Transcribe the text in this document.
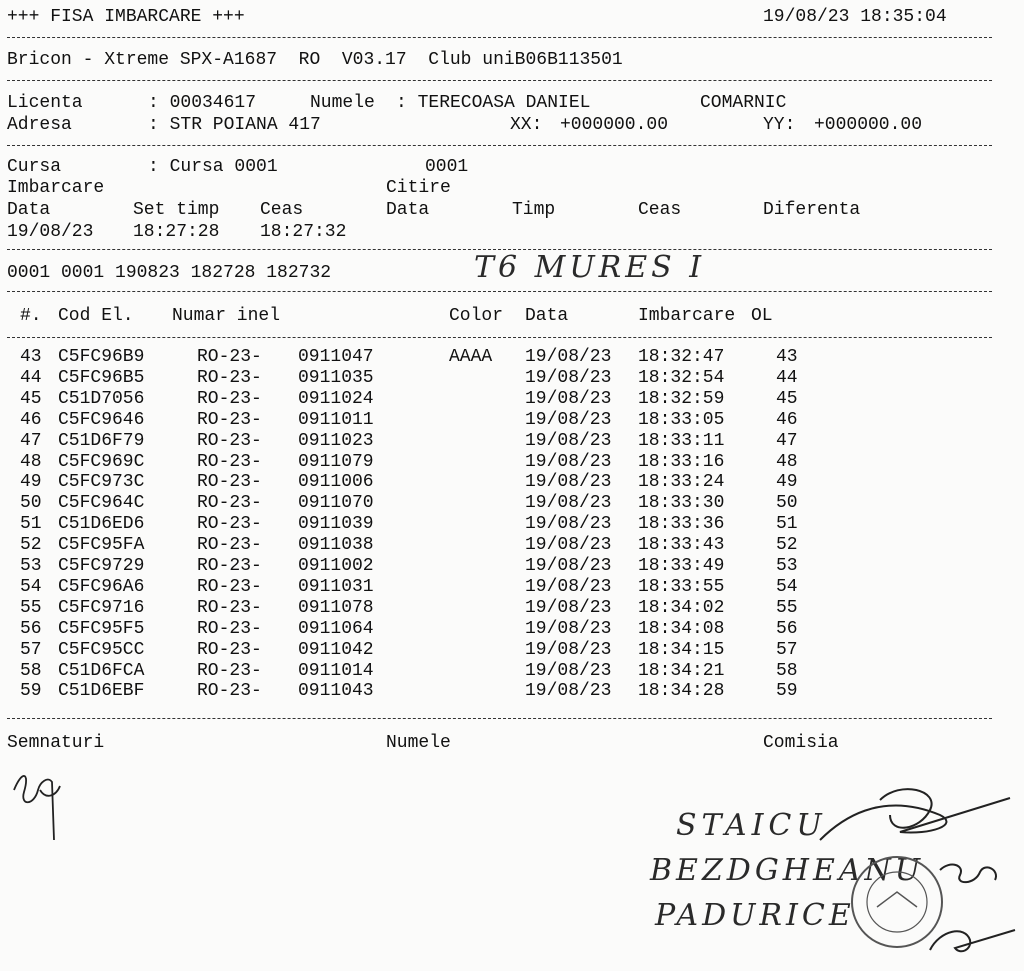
+++ FISA IMBARCARE +++	19/08/23 18:35:04
Bricon - Xtreme SPX-A1687  RO  V03.17  Club uniB06B113501
Licenta	: 00034617	Numele : TERECOASA DANIEL	COMARNIC
Adresa	: STR POIANA 417	XX: +000000.00	YY: +000000.00
Cursa	: Cursa 0001	0001
Imbarcare	Citire
Data	Set timp Ceas	Data	Timp	Ceas	Diferenta
19/08/23 18:27:28 18:27:32
0001 0001 190823 182728 182732	T6 MURES I
#. Cod El. Numar inel	Color Data	Imbarcare OL
43 C5FC96B9	RO-23- 0911047	AAAA 19/08/23 18:32:47	43
44 C5FC96B5	RO-23- 0911035	19/08/23 18:32:54	44
45 C51D7056	RO-23- 0911024	19/08/23 18:32:59	45
46 C5FC9646	RO-23- 0911011	19/08/23 18:33:05	46
47 C51D6F79	RO-23- 0911023	19/08/23 18:33:11	47
48 C5FC969C	RO-23- 0911079	19/08/23 18:33:16	48
49 C5FC973C	RO-23- 0911006	19/08/23 18:33:24	49
50 C5FC964C	RO-23- 0911070	19/08/23 18:33:30	50
51 C51D6ED6	RO-23- 0911039	19/08/23 18:33:36	51
52 C5FC95FA	RO-23- 0911038	19/08/23 18:33:43	52
53 C5FC9729	RO-23- 0911002	19/08/23 18:33:49	53
54 C5FC96A6	RO-23- 0911031	19/08/23 18:33:55	54
55 C5FC9716	RO-23- 0911078	19/08/23 18:34:02	55
56 C5FC95F5	RO-23- 0911064	19/08/23 18:34:08	56
57 C5FC95CC	RO-23- 0911042	19/08/23 18:34:15	57
58 C51D6FCA	RO-23- 0911014	19/08/23 18:34:21	58
59 C51D6EBF	RO-23- 0911043	19/08/23 18:34:28	59
Semnaturi	Numele	Comisia
STAICU
BEZDGHEANU
PADURICE
